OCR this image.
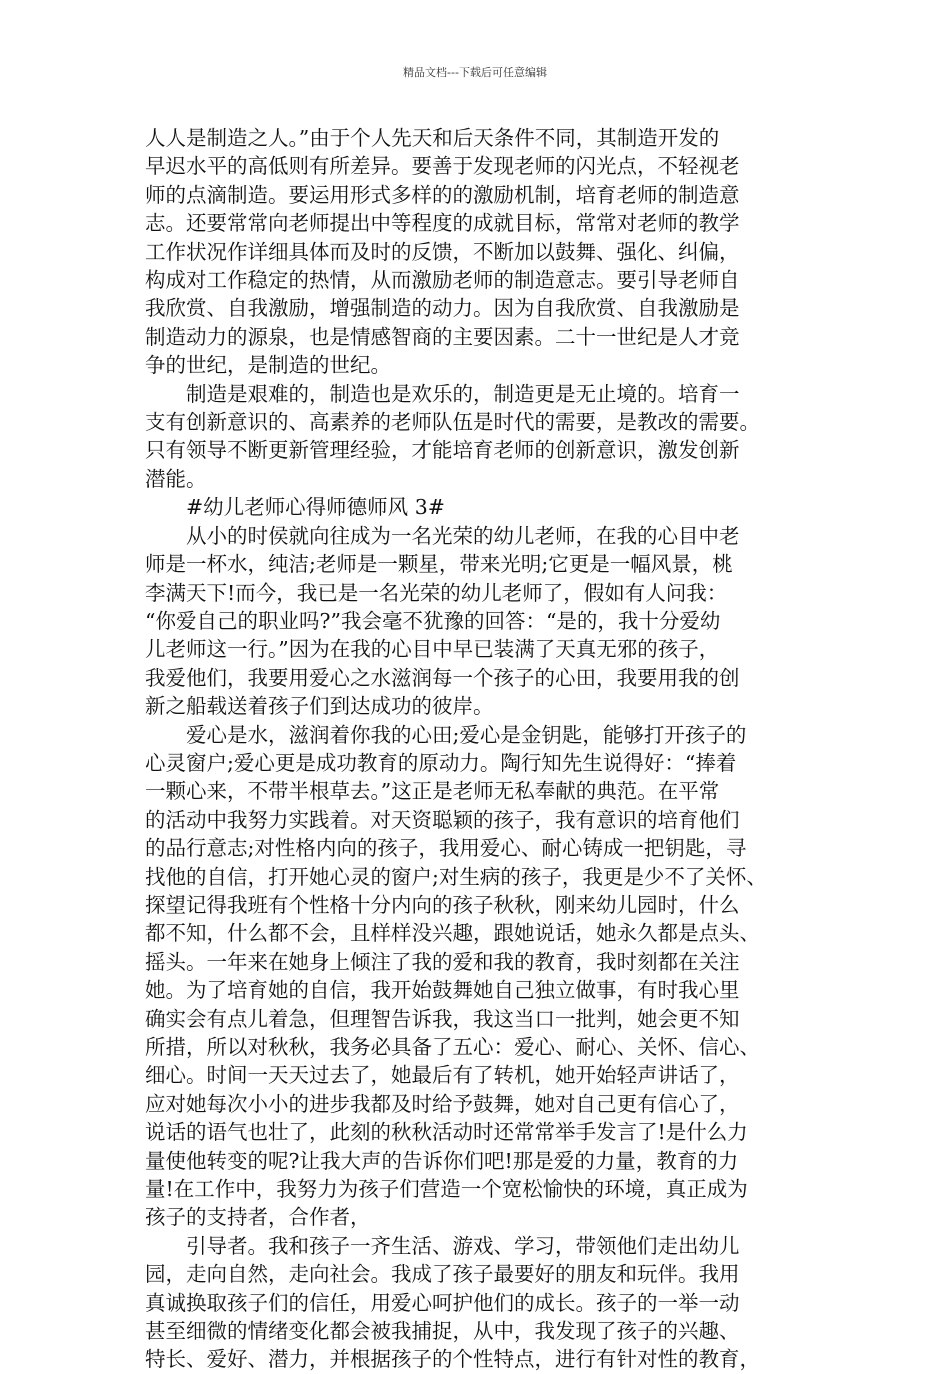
精品文档---下载后可任意编辑
人人是制造之人。”由于个人先天和后天条件不同，其制造开发的
早迟水平的高低则有所差异。要善于发现老师的闪光点，不轻视老
师的点滴制造。要运用形式多样的的激励机制，培育老师的制造意
志。还要常常向老师提出中等程度的成就目标，常常对老师的教学
工作状况作详细具体而及时的反馈，不断加以鼓舞、强化、纠偏，
构成对工作稳定的热情，从而激励老师的制造意志。要引导老师自
我欣赏、自我激励，增强制造的动力。因为自我欣赏、自我激励是
制造动力的源泉，也是情感智商的主要因素。二十一世纪是人才竞
争的世纪，是制造的世纪。
制造是艰难的，制造也是欢乐的，制造更是无止境的。培育一
支有创新意识的、高素养的老师队伍是时代的需要，是教改的需要。
只有领导不断更新管理经验，才能培育老师的创新意识，激发创新
潜能。
#幼儿老师心得师德师风 3#
从小的时侯就向往成为一名光荣的幼儿老师，在我的心目中老
师是一杯水，纯洁;老师是一颗星，带来光明;它更是一幅风景，桃
李满天下!而今，我已是一名光荣的幼儿老师了，假如有人问我：
“你爱自己的职业吗?”我会毫不犹豫的回答：“是的，我十分爱幼
儿老师这一行。”因为在我的心目中早已装满了天真无邪的孩子，
我爱他们，我要用爱心之水滋润每一个孩子的心田，我要用我的创
新之船载送着孩子们到达成功的彼岸。
爱心是水，滋润着你我的心田;爱心是金钥匙，能够打开孩子的
心灵窗户;爱心更是成功教育的原动力。陶行知先生说得好：“捧着
一颗心来，不带半根草去。”这正是老师无私奉献的典范。在平常
的活动中我努力实践着。对天资聪颖的孩子，我有意识的培育他们
的品行意志;对性格内向的孩子，我用爱心、耐心铸成一把钥匙，寻
找他的自信，打开她心灵的窗户;对生病的孩子，我更是少不了关怀、
探望记得我班有个性格十分内向的孩子秋秋，刚来幼儿园时，什么
都不知，什么都不会，且样样没兴趣，跟她说话，她永久都是点头、
摇头。一年来在她身上倾注了我的爱和我的教育，我时刻都在关注
她。为了培育她的自信，我开始鼓舞她自己独立做事，有时我心里
确实会有点儿着急，但理智告诉我，我这当口一批判，她会更不知
所措，所以对秋秋，我务必具备了五心：爱心、耐心、关怀、信心、
细心。时间一天天过去了，她最后有了转机，她开始轻声讲话了，
应对她每次小小的进步我都及时给予鼓舞，她对自己更有信心了，
说话的语气也壮了，此刻的秋秋活动时还常常举手发言了!是什么力
量使他转变的呢?让我大声的告诉你们吧!那是爱的力量，教育的力
量!在工作中，我努力为孩子们营造一个宽松愉快的环境，真正成为
孩子的支持者，合作者，
引导者。我和孩子一齐生活、游戏、学习，带领他们走出幼儿
园，走向自然，走向社会。我成了孩子最要好的朋友和玩伴。我用
真诚换取孩子们的信任，用爱心呵护他们的成长。孩子的一举一动
甚至细微的情绪变化都会被我捕捉，从中，我发现了孩子的兴趣、
特长、爱好、潜力，并根据孩子的个性特点，进行有针对性的教育，
